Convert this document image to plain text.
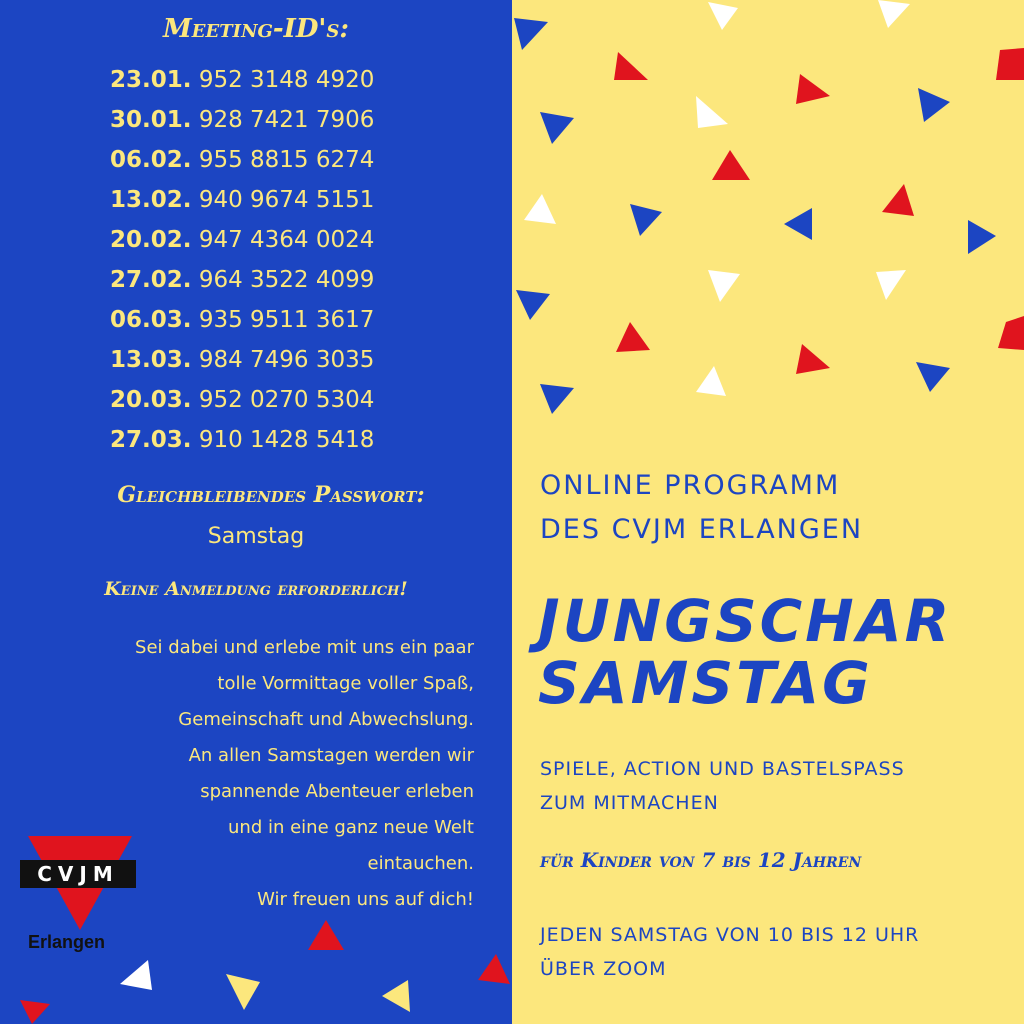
Meeting-ID's:
23.01. 952 3148 4920
30.01. 928 7421 7906
06.02. 955 8815 6274
13.02. 940 9674 5151
20.02. 947 4364 0024
27.02. 964 3522 4099
06.03. 935 9511 3617
13.03. 984 7496 3035
20.03. 952 0270 5304
27.03. 910 1428 5418
Gleichbleibendes Passwort:
Samstag
Keine Anmeldung erforderlich!
Sei dabei und erlebe mit uns ein paar
tolle Vormittage voller Spaß,
Gemeinschaft und Abwechslung.
An allen Samstagen werden wir
spannende Abenteuer erleben
und in eine ganz neue Welt
eintauchen.
Wir freuen uns auf dich!
CVJM
Erlangen
ONLINE PROGRAMM
DES CVJM ERLANGEN
JUNGSCHAR
SAMSTAG
SPIELE, ACTION UND BASTELSPASS
ZUM MITMACHEN
für Kinder von 7 bis 12 Jahren
JEDEN SAMSTAG VON 10 BIS 12 UHR
ÜBER ZOOM
